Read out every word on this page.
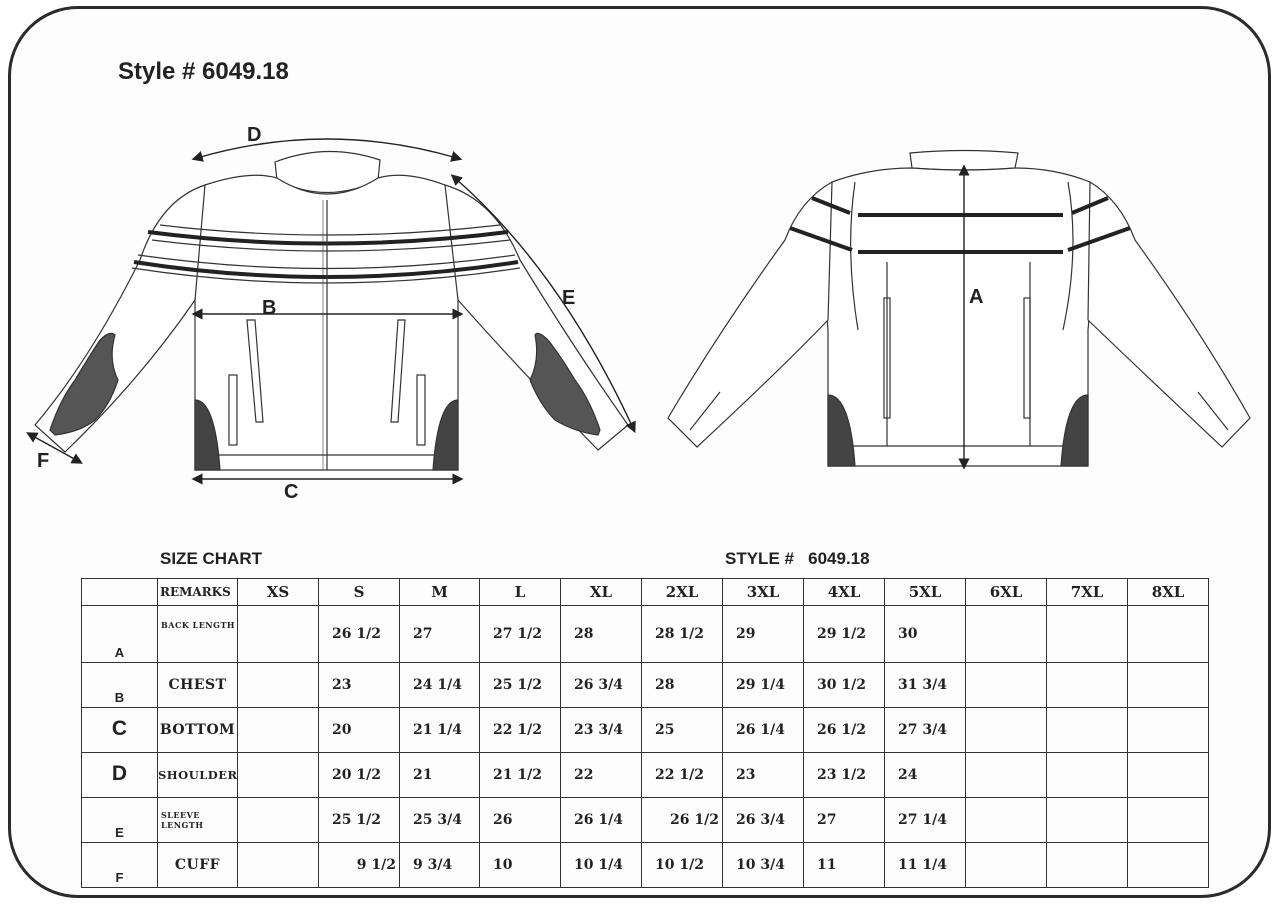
Style # 6049.18
D
B
C
E
F
A
SIZE CHART	STYLE # 6049.18
	REMARKS	XS	S	M	L	XL	2XL	3XL	4XL	5XL	6XL	7XL	8XL
A	BACK LENGTH		26 1/2	27	27 1/2	28	28 1/2	29	29 1/2	30			
B	CHEST		23	24 1/4	25 1/2	26 3/4	28	29 1/4	30 1/2	31 3/4			
C	BOTTOM		20	21 1/4	22 1/2	23 3/4	25	26 1/4	26 1/2	27 3/4			
D	SHOULDER		20 1/2	21	21 1/2	22	22 1/2	23	23 1/2	24			
E	SLEEVE LENGTH		25 1/2	25 3/4	26	26 1/4	26 1/2	26 3/4	27	27 1/4			
F	CUFF		9 1/2	9 3/4	10	10 1/4	10 1/2	10 3/4	11	11 1/4			
